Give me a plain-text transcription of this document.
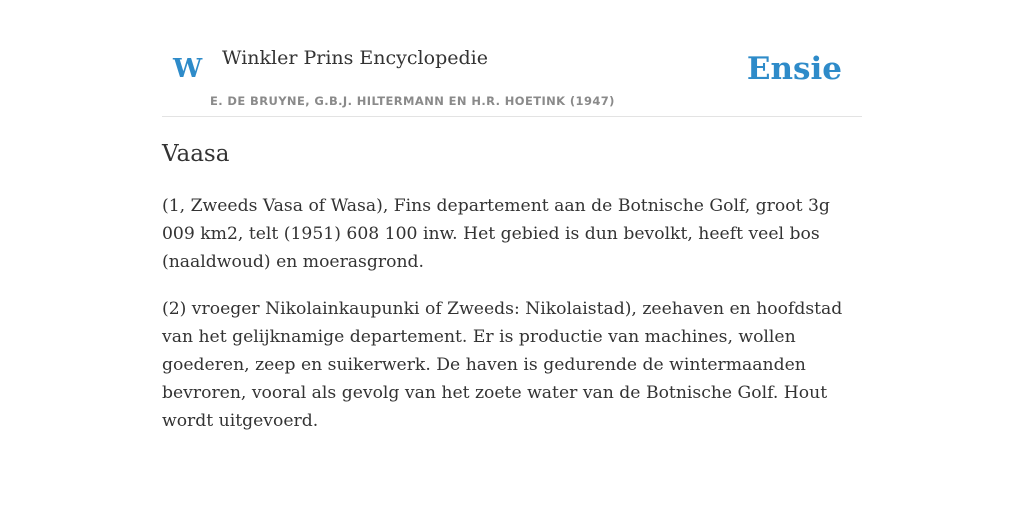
W Winkler Prins Encyclopedie
E. DE BRUYNE, G.B.J. HILTERMANN EN H.R. HOETINK (1947)
Ensie
Vaasa

(1, Zweeds Vasa of Wasa), Fins departement aan de Botnische Golf, groot 3g 009 km2, telt (1951) 608 100 inw. Het gebied is dun bevolkt, heeft veel bos (naaldwoud) en moerasgrond.

(2) vroeger Nikolainkaupunki of Zweeds: Nikolaistad), zeehaven en hoofdstad van het gelijknamige departement. Er is productie van machines, wollen goederen, zeep en suikerwerk. De haven is gedurende de wintermaanden bevroren, vooral als gevolg van het zoete water van de Botnische Golf. Hout wordt uitgevoerd.
